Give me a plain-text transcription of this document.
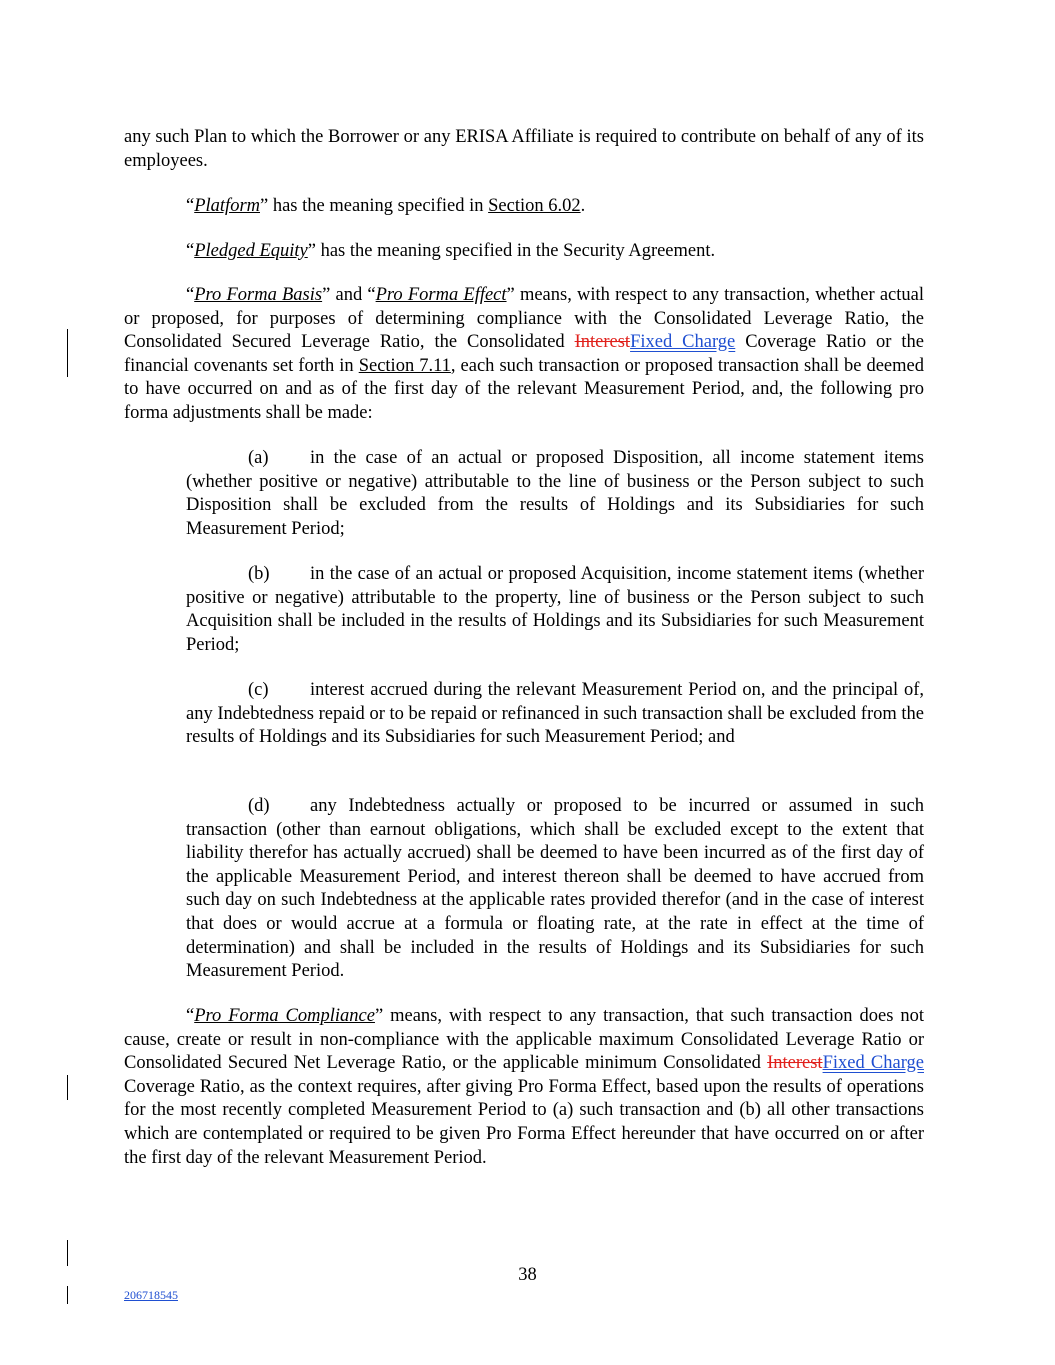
any such Plan to which the Borrower or any ERISA Affiliate is required to contribute on behalf of any of its employees.

“Platform” has the meaning specified in Section 6.02.

“Pledged Equity” has the meaning specified in the Security Agreement.

“Pro Forma Basis” and “Pro Forma Effect” means, with respect to any transaction, whether actual or proposed, for purposes of determining compliance with the Consolidated Leverage Ratio, the Consolidated Secured Leverage Ratio, the Consolidated InterestFixed Charge Coverage Ratio or the financial covenants set forth in Section 7.11, each such transaction or proposed transaction shall be deemed to have occurred on and as of the first day of the relevant Measurement Period, and, the following pro forma adjustments shall be made:

(a) in the case of an actual or proposed Disposition, all income statement items (whether positive or negative) attributable to the line of business or the Person subject to such Disposition shall be excluded from the results of Holdings and its Subsidiaries for such Measurement Period;

(b) in the case of an actual or proposed Acquisition, income statement items (whether positive or negative) attributable to the property, line of business or the Person subject to such Acquisition shall be included in the results of Holdings and its Subsidiaries for such Measurement Period;

(c) interest accrued during the relevant Measurement Period on, and the principal of, any Indebtedness repaid or to be repaid or refinanced in such transaction shall be excluded from the results of Holdings and its Subsidiaries for such Measurement Period; and

(d) any Indebtedness actually or proposed to be incurred or assumed in such transaction (other than earnout obligations, which shall be excluded except to the extent that liability therefor has actually accrued) shall be deemed to have been incurred as of the first day of the applicable Measurement Period, and interest thereon shall be deemed to have accrued from such day on such Indebtedness at the applicable rates provided therefor (and in the case of interest that does or would accrue at a formula or floating rate, at the rate in effect at the time of determination) and shall be included in the results of Holdings and its Subsidiaries for such Measurement Period.

“Pro Forma Compliance” means, with respect to any transaction, that such transaction does not cause, create or result in non-compliance with the applicable maximum Consolidated Leverage Ratio or Consolidated Secured Net Leverage Ratio, or the applicable minimum Consolidated InterestFixed Charge Coverage Ratio, as the context requires, after giving Pro Forma Effect, based upon the results of operations for the most recently completed Measurement Period to (a) such transaction and (b) all other transactions which are contemplated or required to be given Pro Forma Effect hereunder that have occurred on or after the first day of the relevant Measurement Period.

38

206718545
